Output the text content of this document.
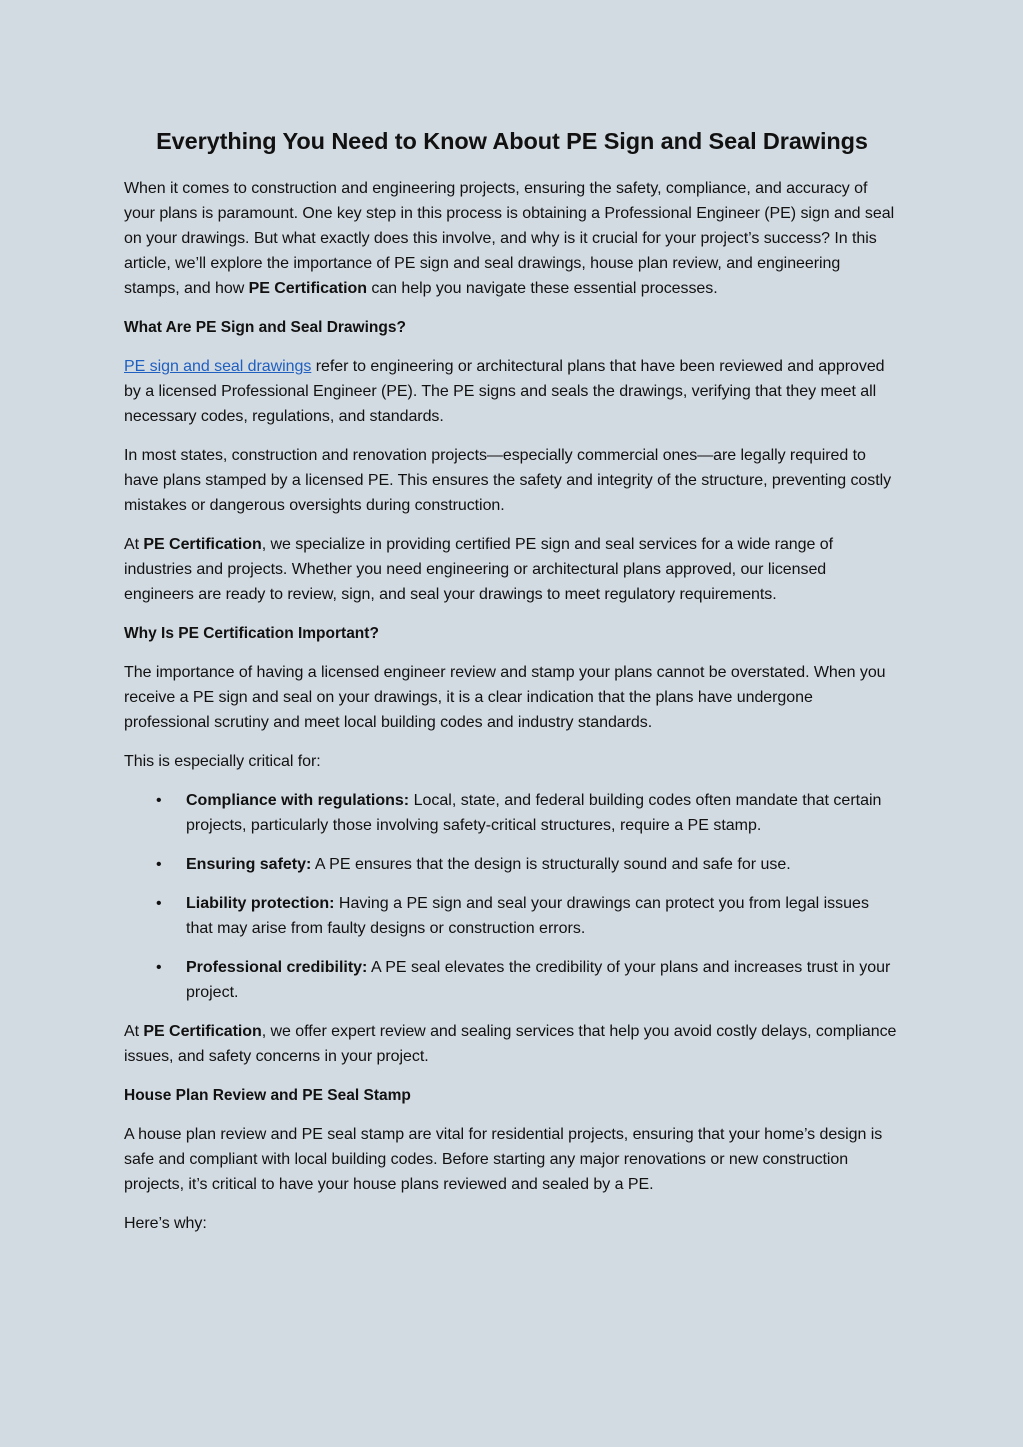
Everything You Need to Know About PE Sign and Seal Drawings

When it comes to construction and engineering projects, ensuring the safety, compliance, and accuracy of your plans is paramount. One key step in this process is obtaining a Professional Engineer (PE) sign and seal on your drawings. But what exactly does this involve, and why is it crucial for your project’s success? In this article, we’ll explore the importance of PE sign and seal drawings, house plan review, and engineering stamps, and how PE Certification can help you navigate these essential processes.

What Are PE Sign and Seal Drawings?

PE sign and seal drawings refer to engineering or architectural plans that have been reviewed and approved by a licensed Professional Engineer (PE). The PE signs and seals the drawings, verifying that they meet all necessary codes, regulations, and standards.

In most states, construction and renovation projects—especially commercial ones—are legally required to have plans stamped by a licensed PE. This ensures the safety and integrity of the structure, preventing costly mistakes or dangerous oversights during construction.

At PE Certification, we specialize in providing certified PE sign and seal services for a wide range of industries and projects. Whether you need engineering or architectural plans approved, our licensed engineers are ready to review, sign, and seal your drawings to meet regulatory requirements.

Why Is PE Certification Important?

The importance of having a licensed engineer review and stamp your plans cannot be overstated. When you receive a PE sign and seal on your drawings, it is a clear indication that the plans have undergone professional scrutiny and meet local building codes and industry standards.

This is especially critical for:

• Compliance with regulations: Local, state, and federal building codes often mandate that certain projects, particularly those involving safety-critical structures, require a PE stamp.
• Ensuring safety: A PE ensures that the design is structurally sound and safe for use.
• Liability protection: Having a PE sign and seal your drawings can protect you from legal issues that may arise from faulty designs or construction errors.
• Professional credibility: A PE seal elevates the credibility of your plans and increases trust in your project.

At PE Certification, we offer expert review and sealing services that help you avoid costly delays, compliance issues, and safety concerns in your project.

House Plan Review and PE Seal Stamp

A house plan review and PE seal stamp are vital for residential projects, ensuring that your home’s design is safe and compliant with local building codes. Before starting any major renovations or new construction projects, it’s critical to have your house plans reviewed and sealed by a PE.

Here’s why:
